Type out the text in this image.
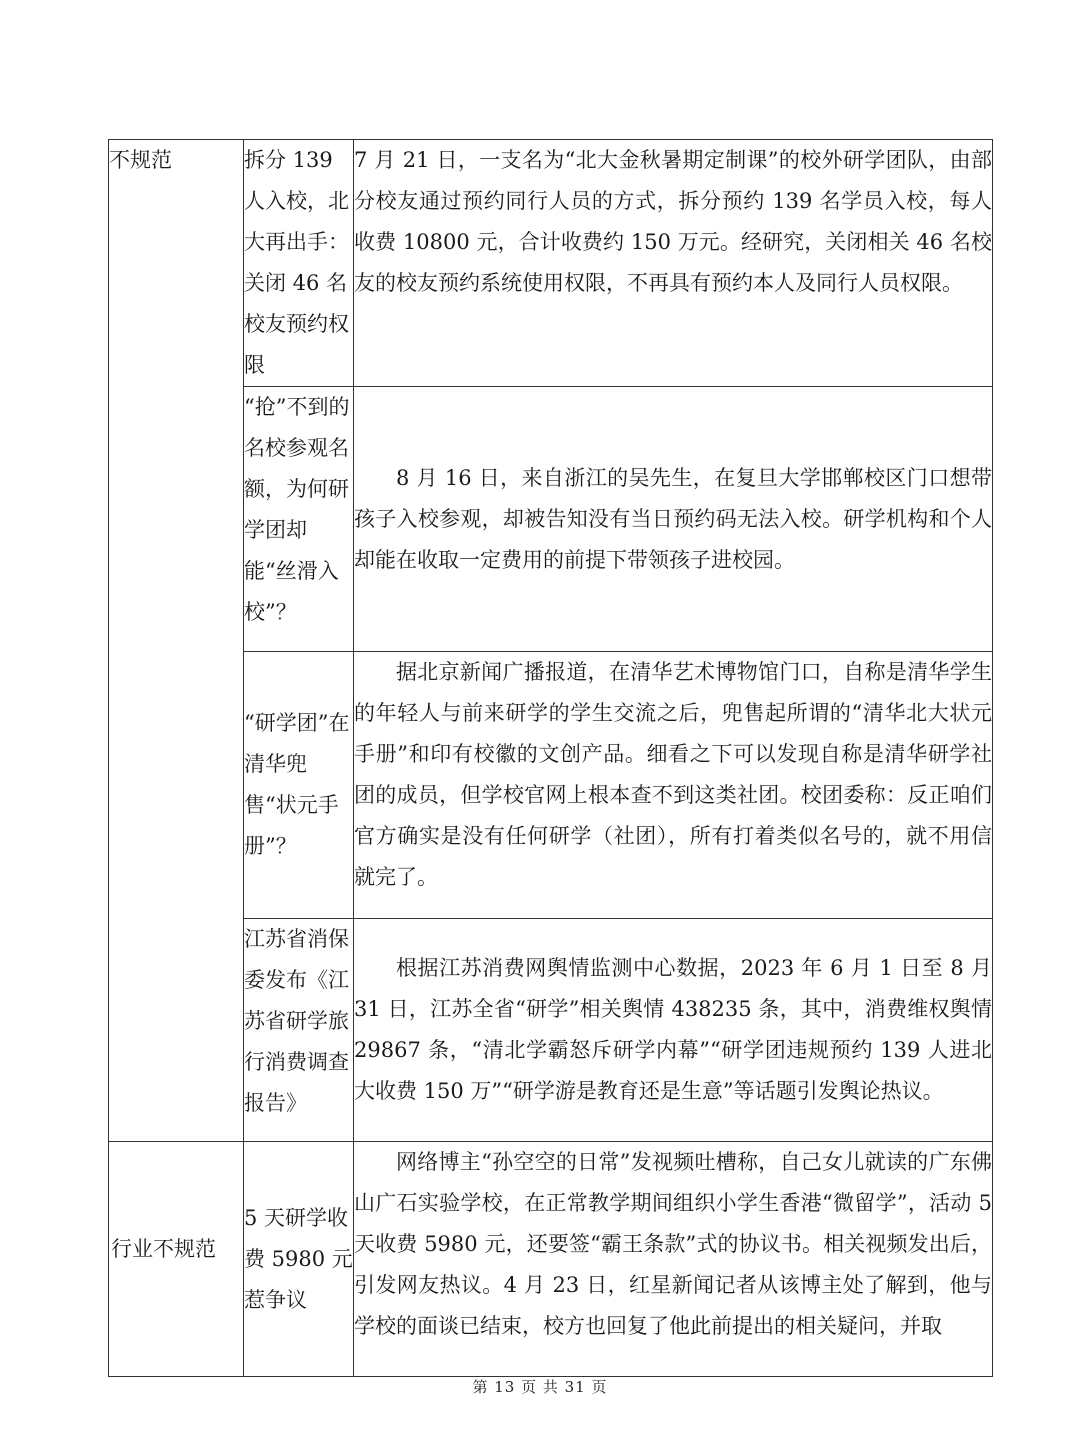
不规范	拆分 139 人入校，北大再出手：关闭 46 名校友预约权限	7 月 21 日，一支名为“北大金秋暑期定制课”的校外研学团队，由部分校友通过预约同行人员的方式，拆分预约 139 名学员入校，每人收费 10800 元，合计收费约 150 万元。经研究，关闭相关 46 名校友的校友预约系统使用权限，不再具有预约本人及同行人员权限。
	“抢”不到的名校参观名额，为何研学团却能“丝滑入校”？	8 月 16 日，来自浙江的吴先生，在复旦大学邯郸校区门口想带孩子入校参观，却被告知没有当日预约码无法入校。研学机构和个人却能在收取一定费用的前提下带领孩子进校园。
	“研学团”在清华兜售“状元手册”？	据北京新闻广播报道，在清华艺术博物馆门口，自称是清华学生的年轻人与前来研学的学生交流之后，兜售起所谓的“清华北大状元手册”和印有校徽的文创产品。细看之下可以发现自称是清华研学社团的成员，但学校官网上根本查不到这类社团。校团委称：反正咱们官方确实是没有任何研学（社团），所有打着类似名号的，就不用信就完了。
	江苏省消保委发布《江苏省研学旅行消费调查报告》	根据江苏消费网舆情监测中心数据，2023 年 6 月 1 日至 8 月 31 日，江苏全省“研学”相关舆情 438235 条，其中，消费维权舆情 29867 条，“清北学霸怒斥研学内幕”“研学团违规预约 139 人进北大收费 150 万”“研学游是教育还是生意”等话题引发舆论热议。
行业不规范	5 天研学收费 5980 元惹争议	网络博主“孙空空的日常”发视频吐槽称，自己女儿就读的广东佛山广石实验学校，在正常教学期间组织小学生香港“微留学”，活动 5 天收费 5980 元，还要签“霸王条款”式的协议书。相关视频发出后，引发网友热议。4 月 23 日，红星新闻记者从该博主处了解到，他与学校的面谈已结束，校方也回复了他此前提出的相关疑问，并取
第 13 页 共 31 页
